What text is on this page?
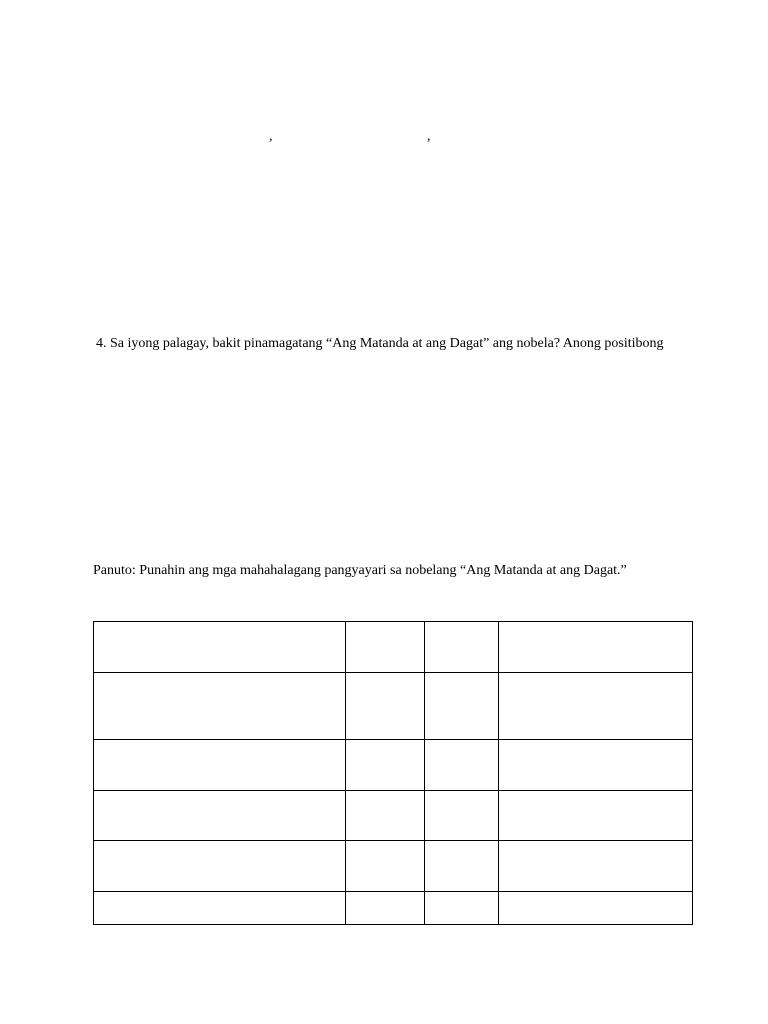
,	,
4. Sa iyong palagay, bakit pinamagatang “Ang Matanda at ang Dagat” ang nobela? Anong positibong
Panuto: Punahin ang mga mahahalagang pangyayari sa nobelang “Ang Matanda at ang Dagat.”
